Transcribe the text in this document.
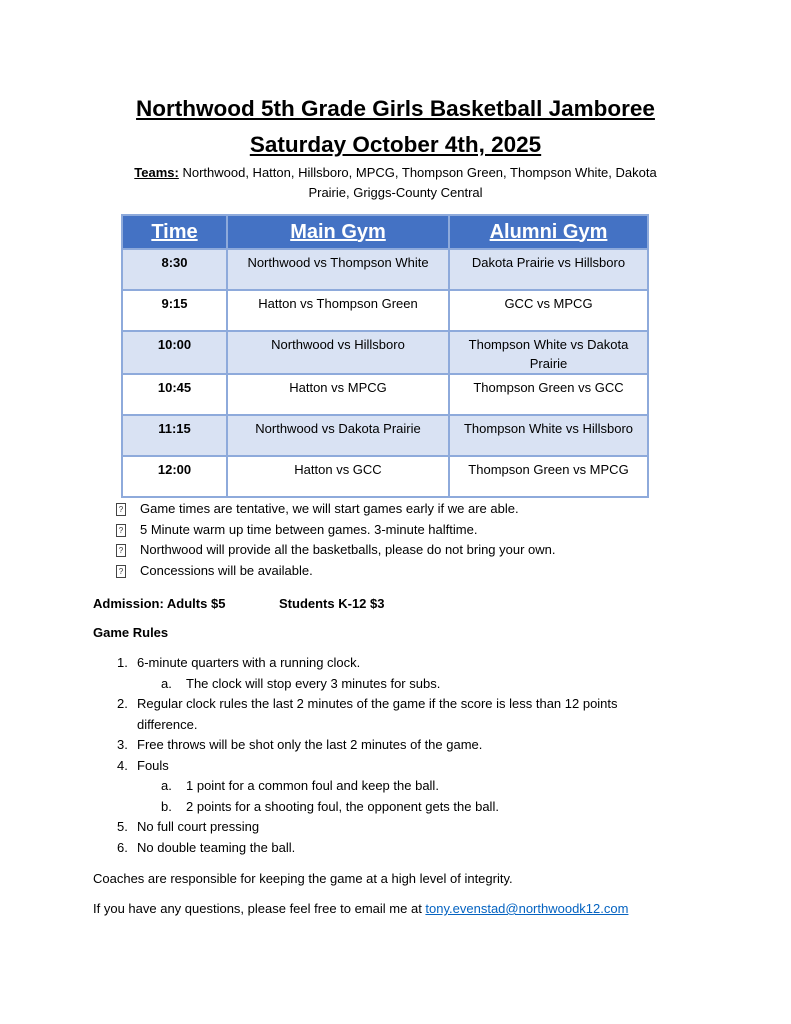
Northwood 5th Grade Girls Basketball Jamboree
Saturday October 4th, 2025
Teams: Northwood, Hatton, Hillsboro, MPCG, Thompson Green, Thompson White, Dakota
Prairie, Griggs-County Central
Time	Main Gym	Alumni Gym
8:30	Northwood vs Thompson White	Dakota Prairie vs Hillsboro
9:15	Hatton vs Thompson Green	GCC vs MPCG
10:00	Northwood vs Hillsboro	Thompson White vs Dakota Prairie
10:45	Hatton vs MPCG	Thompson Green vs GCC
11:15	Northwood vs Dakota Prairie	Thompson White vs Hillsboro
12:00	Hatton vs GCC	Thompson Green vs MPCG
? Game times are tentative, we will start games early if we are able.
? 5 Minute warm up time between games. 3-minute halftime.
? Northwood will provide all the basketballs, please do not bring your own.
? Concessions will be available.
Admission: Adults $5	Students K-12 $3
Game Rules
1. 6-minute quarters with a running clock.
a. The clock will stop every 3 minutes for subs.
2. Regular clock rules the last 2 minutes of the game if the score is less than 12 points
difference.
3. Free throws will be shot only the last 2 minutes of the game.
4. Fouls
a. 1 point for a common foul and keep the ball.
b. 2 points for a shooting foul, the opponent gets the ball.
5. No full court pressing
6. No double teaming the ball.
Coaches are responsible for keeping the game at a high level of integrity.
If you have any questions, please feel free to email me at tony.evenstad@northwoodk12.com
